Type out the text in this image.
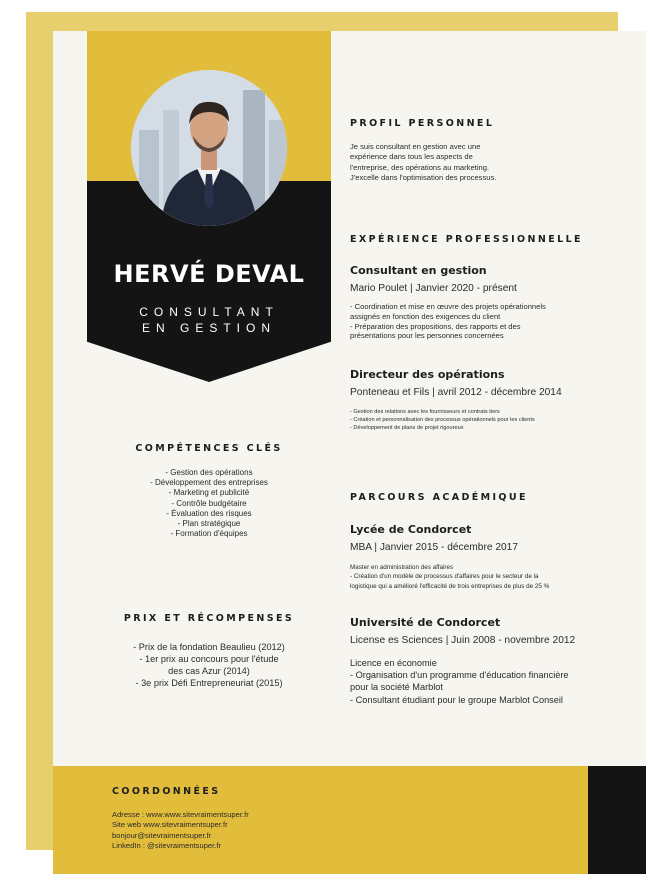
HERVÉ DEVAL
CONSULTANT
EN GESTION
COMPÉTENCES CLÉS
- Gestion des opérations
- Développement des entreprises
- Marketing et publicité
- Contrôle budgétaire
- Évaluation des risques
- Plan stratégique
- Formation d'équipes
PRIX ET RÉCOMPENSES
- Prix de la fondation Beaulieu (2012)
- 1er prix au concours pour l'étude
des cas Azur (2014)
- 3e prix Défi Entrepreneuriat (2015)
PROFIL PERSONNEL
Je suis consultant en gestion avec une
expérience dans tous les aspects de
l'entreprise, des opérations au marketing.
J'excelle dans l'optimisation des processus.
EXPÉRIENCE PROFESSIONNELLE
Consultant en gestion
Mario Poulet | Janvier 2020 - présent
- Coordination et mise en œuvre des projets opérationnels
assignés en fonction des exigences du client
- Préparation des propositions, des rapports et des
présentations pour les personnes concernées
Directeur des opérations
Ponteneau et Fils | avril 2012 - décembre 2014
- Gestion des relations avec les fournisseurs et contrats tiers
- Création et personnalisation des processus opérationnels pour les clients
- Développement de plans de projet rigoureux
PARCOURS ACADÉMIQUE
Lycée de Condorcet
MBA | Janvier 2015 - décembre 2017
Master en administration des affaires
- Création d'un modèle de processus d'affaires pour le secteur de la
logistique qui a amélioré l'efficacité de trois entreprises de plus de 25 %
Université de Condorcet
License es Sciences | Juin 2008 - novembre 2012
Licence en économie
- Organisation d'un programme d'éducation financière
pour la société Marblot
- Consultant étudiant pour le groupe Marblot Conseil
COORDONNÉES
Adresse : www.www.sitevraimentsuper.fr
Site web www.sitevraimentsuper.fr
bonjour@sitevraimentsuper.fr
LinkedIn : @sitevraimentsuper.fr
